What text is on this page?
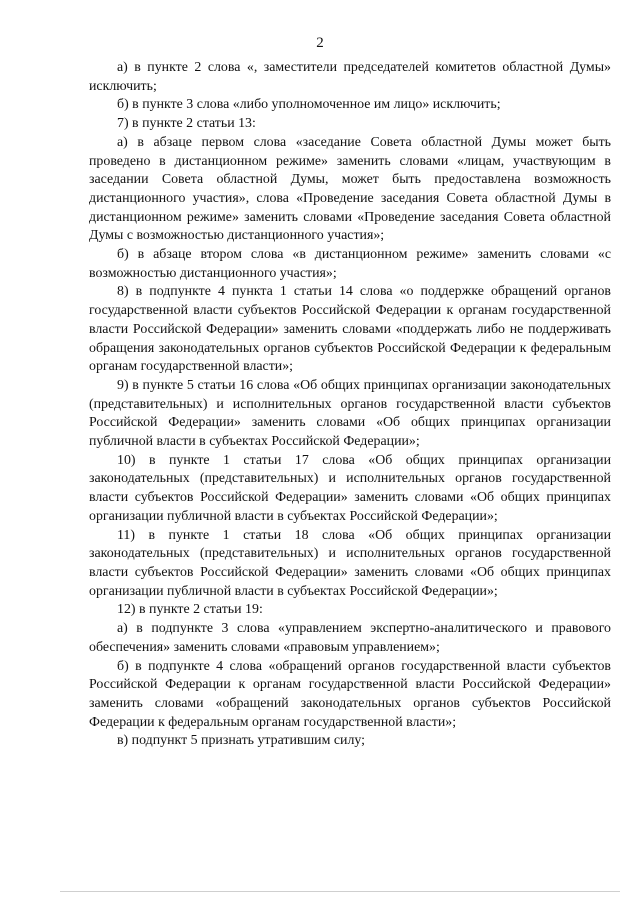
2

а) в пункте 2 слова «, заместители председателей комитетов областной Думы» исключить;

б) в пункте 3 слова «либо уполномоченное им лицо» исключить;

7) в пункте 2 статьи 13:

а) в абзаце первом слова «заседание Совета областной Думы может быть проведено в дистанционном режиме» заменить словами «лицам, участвующим в заседании Совета областной Думы, может быть предоставлена возможность дистанционного участия», слова «Проведение заседания Совета областной Думы в дистанционном режиме» заменить словами «Проведение заседания Совета областной Думы с возможностью дистанционного участия»;

б) в абзаце втором слова «в дистанционном режиме» заменить словами «с возможностью дистанционного участия»;

8) в подпункте 4 пункта 1 статьи 14 слова «о поддержке обращений органов государственной власти субъектов Российской Федерации к органам государственной власти Российской Федерации» заменить словами «поддержать либо не поддерживать обращения законодательных органов субъектов Российской Федерации к федеральным органам государственной власти»;

9) в пункте 5 статьи 16 слова «Об общих принципах организации законодательных (представительных) и исполнительных органов государственной власти субъектов Российской Федерации» заменить словами «Об общих принципах организации публичной власти в субъектах Российской Федерации»;

10) в пункте 1 статьи 17 слова «Об общих принципах организации законодательных (представительных) и исполнительных органов государственной власти субъектов Российской Федерации» заменить словами «Об общих принципах организации публичной власти в субъектах Российской Федерации»;

11) в пункте 1 статьи 18 слова «Об общих принципах организации законодательных (представительных) и исполнительных органов государственной власти субъектов Российской Федерации» заменить словами «Об общих принципах организации публичной власти в субъектах Российской Федерации»;

12) в пункте 2 статьи 19:

а) в подпункте 3 слова «управлением экспертно-аналитического и правового обеспечения» заменить словами «правовым управлением»;

б) в подпункте 4 слова «обращений органов государственной власти субъектов Российской Федерации к органам государственной власти Российской Федерации» заменить словами «обращений законодательных органов субъектов Российской Федерации к федеральным органам государственной власти»;

в) подпункт 5 признать утратившим силу;
